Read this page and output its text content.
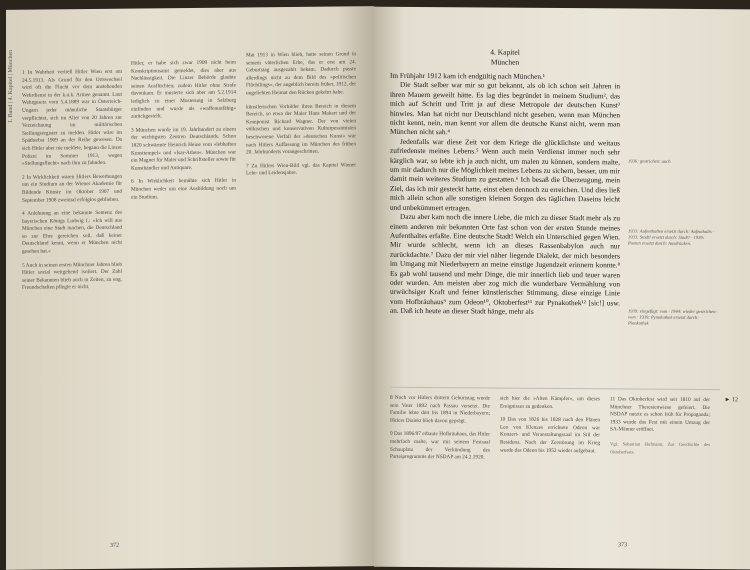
I. Band | 4. Kapitel | München 1 In Wahrheit verließ Hitler Wien erst am 24.5.1913. Als Grund für den Ortswechsel wird oft die Flucht vor dem anstehenden Wehrdienst in der k.u.k. Armee genannt. Laut Wehrgesetz vom 5.4.1889 war in Österreich-Ungarn jeder männliche Staatsbürger verpflichtet, sich im Alter von 20 Jahren zur Verzeichnung im militärischen Stellungsregister zu melden. Hitler wäre im Spätherbst 1909 an der Reihe gewesen. Da sich Hitler aber nie meldete, begann die Linzer Polizei im Sommer 1913, wegen »Stellungsflucht« nach ihm zu fahnden.

2 In Wirklichkeit waren Hitlers Bewerbungen um ein Studium an der Wiener Akademie für Bildende Künste im Oktober 1907 und September 1908 zweimal erfolglos geblieben.

4 Anlehnung an eine bekannte Sentenz des bayerischen Königs Ludwig I.: »Ich will aus München eine Stadt machen, die Deutschland so zur Ehre gereichen soll, daß keiner Deutschland kennt, wenn er München nicht gesehen hat.«

5 Auch in seinen ersten Münchner Jahren blieb Hitler sozial weitgehend isoliert. Der Zahl seiner Bekannten blieb auch in Zeiten, zu eng. Freundschaften pflegte er nicht.

Hitler, er habe sich zwar 1909 nicht beim Konskriptionsamt gemeldet, dies aber aus Nachlässigkeit. Die Linzer Behörde glaubte seinen Ausflüchten; zudem Hitler ohne Strafe davonkam. Er musterte sich aber am 5.2.1914 lediglich zu einer Musterung in Salzburg einfinden und wurde als »waffenunfähig« zurückgestellt.

3 München wurde im 19. Jahrhundert zu einem der wichtigsten Zentren Deutschlands. Schon 1820 schwärmte Heinrich Heine vom »lebhaften Kunsttempel« und »Isar-Athen«. München war ein Magnet für Maler und Schriftsteller sowie für Kunsthändler und Antiquare.

6 In Wirklichkeit bemühte sich Hitler in München weder um eine Ausbildung noch um ein Studium.

Mai 1913 in Wien blieb, hatte seinen Grund in seinem väterlichen Erbe, das er erst am 24. Geburtstag ausgezahlt bekam. Dadurch passte allerdings nicht zu dem Bild des »politischen Flüchtlings«, der angeblich bereits früher, 1912, der ungeliebten Heimat den Rücken gekehrt habe.

künstlerischen Vorbilder ihren Bereich in diesem Bereich, so etwa der Maler Hans Makart und der Komponist Richard Wagner. Der von vielen völkischen und konservativen Kulturpessimisten beschworene Verfall der »deutschen Kunst« war nach Hitlers Auffassung im München des frühen 20. Jahrhunderts vorangeschritten.

7 Zu Hitlers Wien-Bild vgl. das Kapitel Wiener Lehr- und Leidensjahre.

372
4. Kapitel
München

Im Frühjahr 1912 kam ich endgültig nach München.¹

Die Stadt selber war mir so gut bekannt, als ob ich schon seit Jahren in ihren Mauern geweilt hätte. Es lag dies begründet in meinem Studium², das mich auf Schritt und Tritt ja auf diese Metropole der deutschen Kunst³ hinwies. Man hat nicht nur Deutschland nicht gesehen, wenn man München nicht kennt, nein, man kennt vor allem die deutsche Kunst nicht, wenn man München nicht sah.⁴

Jedenfalls war diese Zeit vor dem Kriege die glücklichste und weitaus zufriedenste meines Lebens.⁵ Wenn auch mein Verdienst immer noch sehr kärglich war, so lebte ich ja auch nicht, um malen zu können, sondern malte, um mir dadurch nur die Möglichkeit meines Lebens zu sichern, besser, um mir damit mein weiteres Studium zu gestatten.⁶ Ich besaß die Überzeugung, mein Ziel, das ich mir gesteckt hatte, einst eben dennoch zu erreichen. Und dies ließ mich allein schon alle sonstigen kleinen Sorgen des täglichen Daseins leicht und unbekümmert ertragen.

Dazu aber kam noch die innere Liebe, die mich zu dieser Stadt mehr als zu einem anderen mir bekannten Orte fast schon von der ersten Stunde meines Aufenthaltes erfaßte. Eine deutsche Stadt! Welch ein Unterschied gegen Wien. Mir wurde schlecht, wenn ich an dieses Rassenbabylon auch nur zurückdachte.⁷ Dazu der mir viel näher liegende Dialekt, der mich besonders im Umgang mit Niederbayern an meine einstige Jugendzeit erinnern konnte.⁸ Es gab wohl tausend und mehr Dinge, die mir innerlich lieb und teuer waren oder wurden. Am meisten aber zog mich die wunderbare Vermählung von urwüchsiger Kraft und feiner künstlerischer Stimmung, diese einzige Linie vom Hofbräuhaus⁹ zum Odeon¹⁰, Oktoberfest¹¹ zur Pynakothek¹² [sic!] usw. an. Daß ich heute an dieser Stadt hänge, mehr als

1936: gestrichen: auch
1933: Aufenthalten ersetzt durch: Aufenthalts · 1933: Stadt! ersetzt durch: Stadt? · 1939: Poeten ersetzt durch: Ausdrücken.
1939: eingefügt: vom · 1944: wieder gestrichen: vom · 1939: Pynakothek ersetzt durch: Pinakothek

8 Noch vor Hitlers drittem Geburtstag wurde sein Vater 1892 nach Passau versetzt. Die Familie lebte dort bis 1894 in Niederbayern; Hitlers Dialekt blieb davon geprägt.

9 Das 1896/97 erbaute Hofbräuhaus, das Hitler mehrfach malte, war mit seinem Festsaal Schauplatz der Verkündung des Parteiprogramms der NSDAP am 24.2.1920.

sich hier die »Alten Kämpfer«, um dieses Ereignisses zu gedenken.

10 Das von 1826 bis 1828 nach den Plänen Leo von Klenzes errichtete Odeon war Konzert- und Veranstaltungssaal im Stil der Residenz. Nach der Zerstörung im Krieg wurde das Odeon bis 1952 wieder aufgebaut.

11 Das Oktoberfest wird seit 1810 auf der Münchner Theresienwiese gefeiert. Die NSDAP nutzte es schon früh für Propaganda; 1933 wurde das Fest mit einem Umzug der SA-Männer eröffnet.

Vgl. Sebastian Hofmann, Zur Geschichte des Oktoberfests.

► 12
373
